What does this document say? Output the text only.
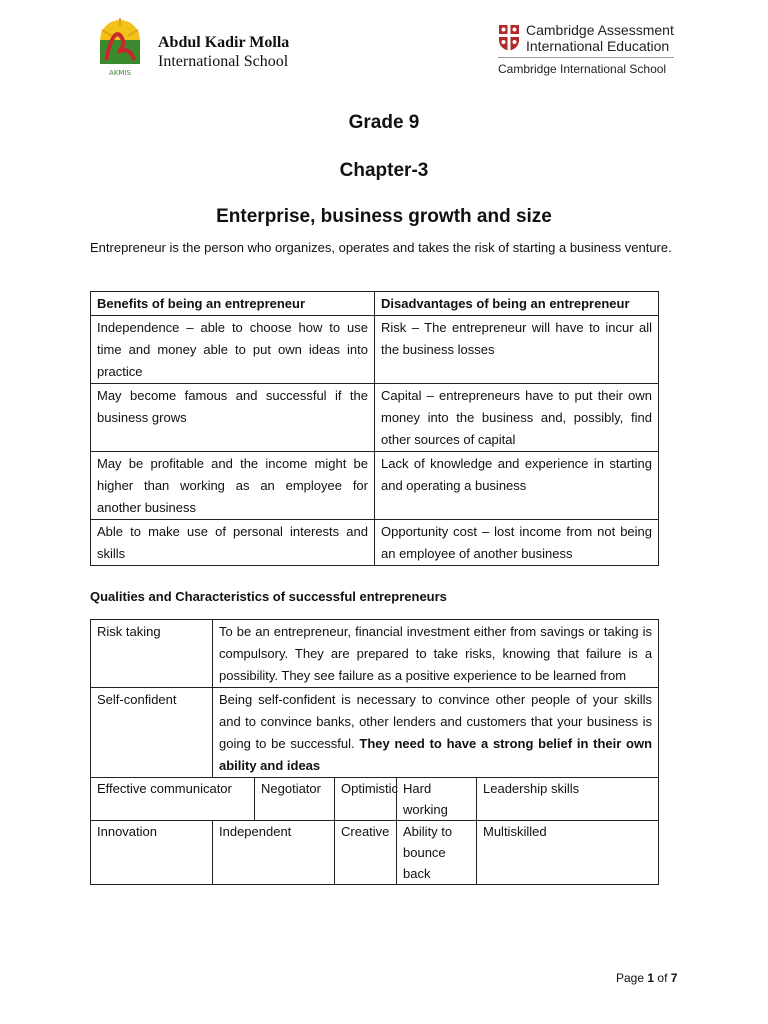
AKMIS
Abdul Kadir Molla
International School
Cambridge Assessment
International Education
Cambridge International School
Grade 9
Chapter-3
Enterprise, business growth and size
Entrepreneur is the person who organizes, operates and takes the risk of starting a business venture.
Benefits of being an entrepreneur	Disadvantages of being an entrepreneur
Independence – able to choose how to use time and money able to put own ideas into practice	Risk – The entrepreneur will have to incur all the business losses
May become famous and successful if the business grows	Capital – entrepreneurs have to put their own money into the business and, possibly, find other sources of capital
May be profitable and the income might be higher than working as an employee for another business	Lack of knowledge and experience in starting and operating a business
Able to make use of personal interests and skills	Opportunity cost – lost income from not being an employee of another business
Qualities and Characteristics of successful entrepreneurs
Risk taking	To be an entrepreneur, financial investment either from savings or taking is compulsory. They are prepared to take risks, knowing that failure is a possibility. They see failure as a positive experience to be learned from				
Self-confident	Being self-confident is necessary to convince other people of your skills and to convince banks, other lenders and customers that your business is going to be successful. They need to have a strong belief in their own ability and ideas				
Effective communicator		Negotiator	Optimistic	Hard working	Leadership skills
Innovation	Independent		Creative	Ability to bounce back	Multiskilled
Page 1 of 7
